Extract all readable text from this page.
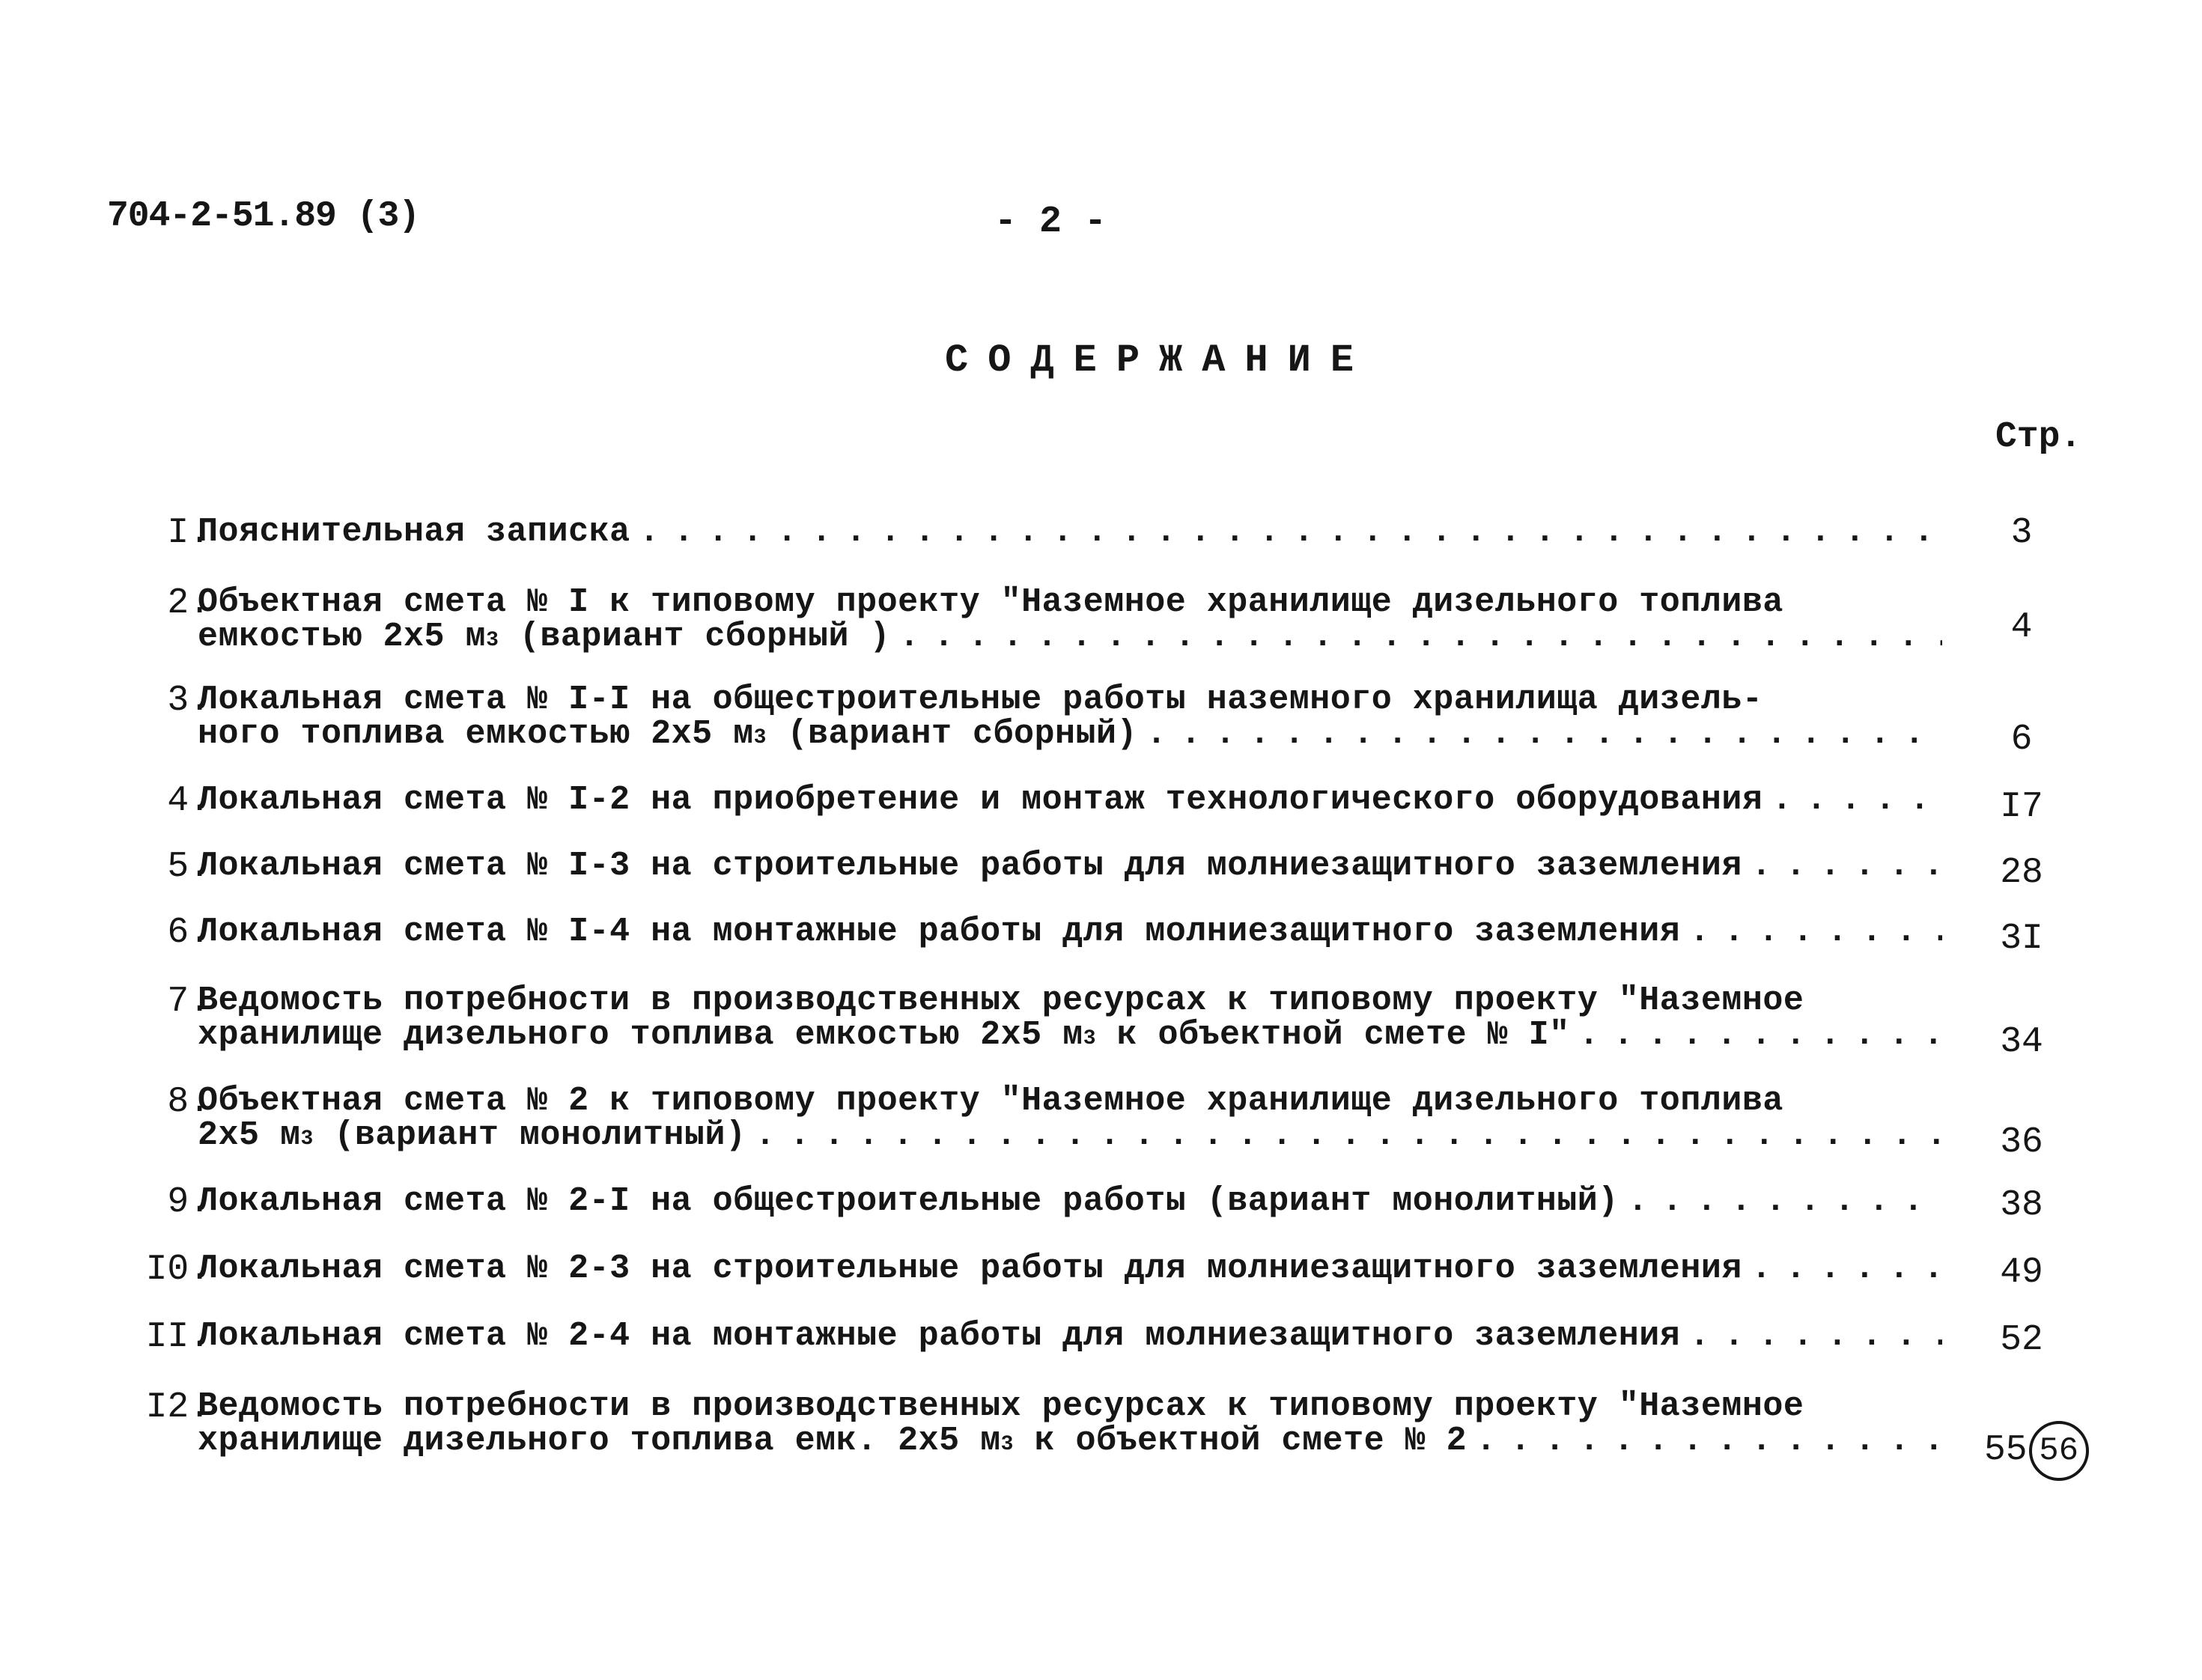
704-2-51.89 (3)	- 2 -
СОДЕРЖАНИЕ
Стр.
I.
Пояснительная записка . . .	3
2.
Объектная смета № I к типовому проекту "Наземное хранилище дизельного топлива
емкостью 2х5 м 3
(вариант сборный ) . . .	4
3.
Локальная смета № I-I на общестроительные работы наземного хранилища дизель-
ного топлива емкостью 2х5 м 3
(вариант сборный) . . .	6
4.
Локальная смета № I-2 на приобретение и монтаж технологического оборудования . . .	I7
5.
Локальная смета № I-3 на строительные работы для молниезащитного заземления . . .	28
6.
Локальная смета № I-4 на монтажные работы для молниезащитного заземления . . .	3I
7.
Ведомость потребности в производственных ресурсах к типовому проекту "Наземное
хранилище дизельного топлива емкостью 2х5 м 3
к объектной смете № I" . . .	34
8.
Объектная смета № 2 к типовому проекту "Наземное хранилище дизельного топлива
2х5 м 3
(вариант монолитный) . . .	36
9.
Локальная смета № 2-I на общестроительные работы (вариант монолитный) . . .	38
I0.
Локальная смета № 2-3 на строительные работы для молниезащитного заземления . . .	49
II.
Локальная смета № 2-4 на монтажные работы для молниезащитного заземления . . .	52
I2.
Ведомость потребности в производственных ресурсах к типовому проекту "Наземное
хранилище дизельного топлива емк. 2х5 м 3
к объектной смете № 2 . . .	55 56
